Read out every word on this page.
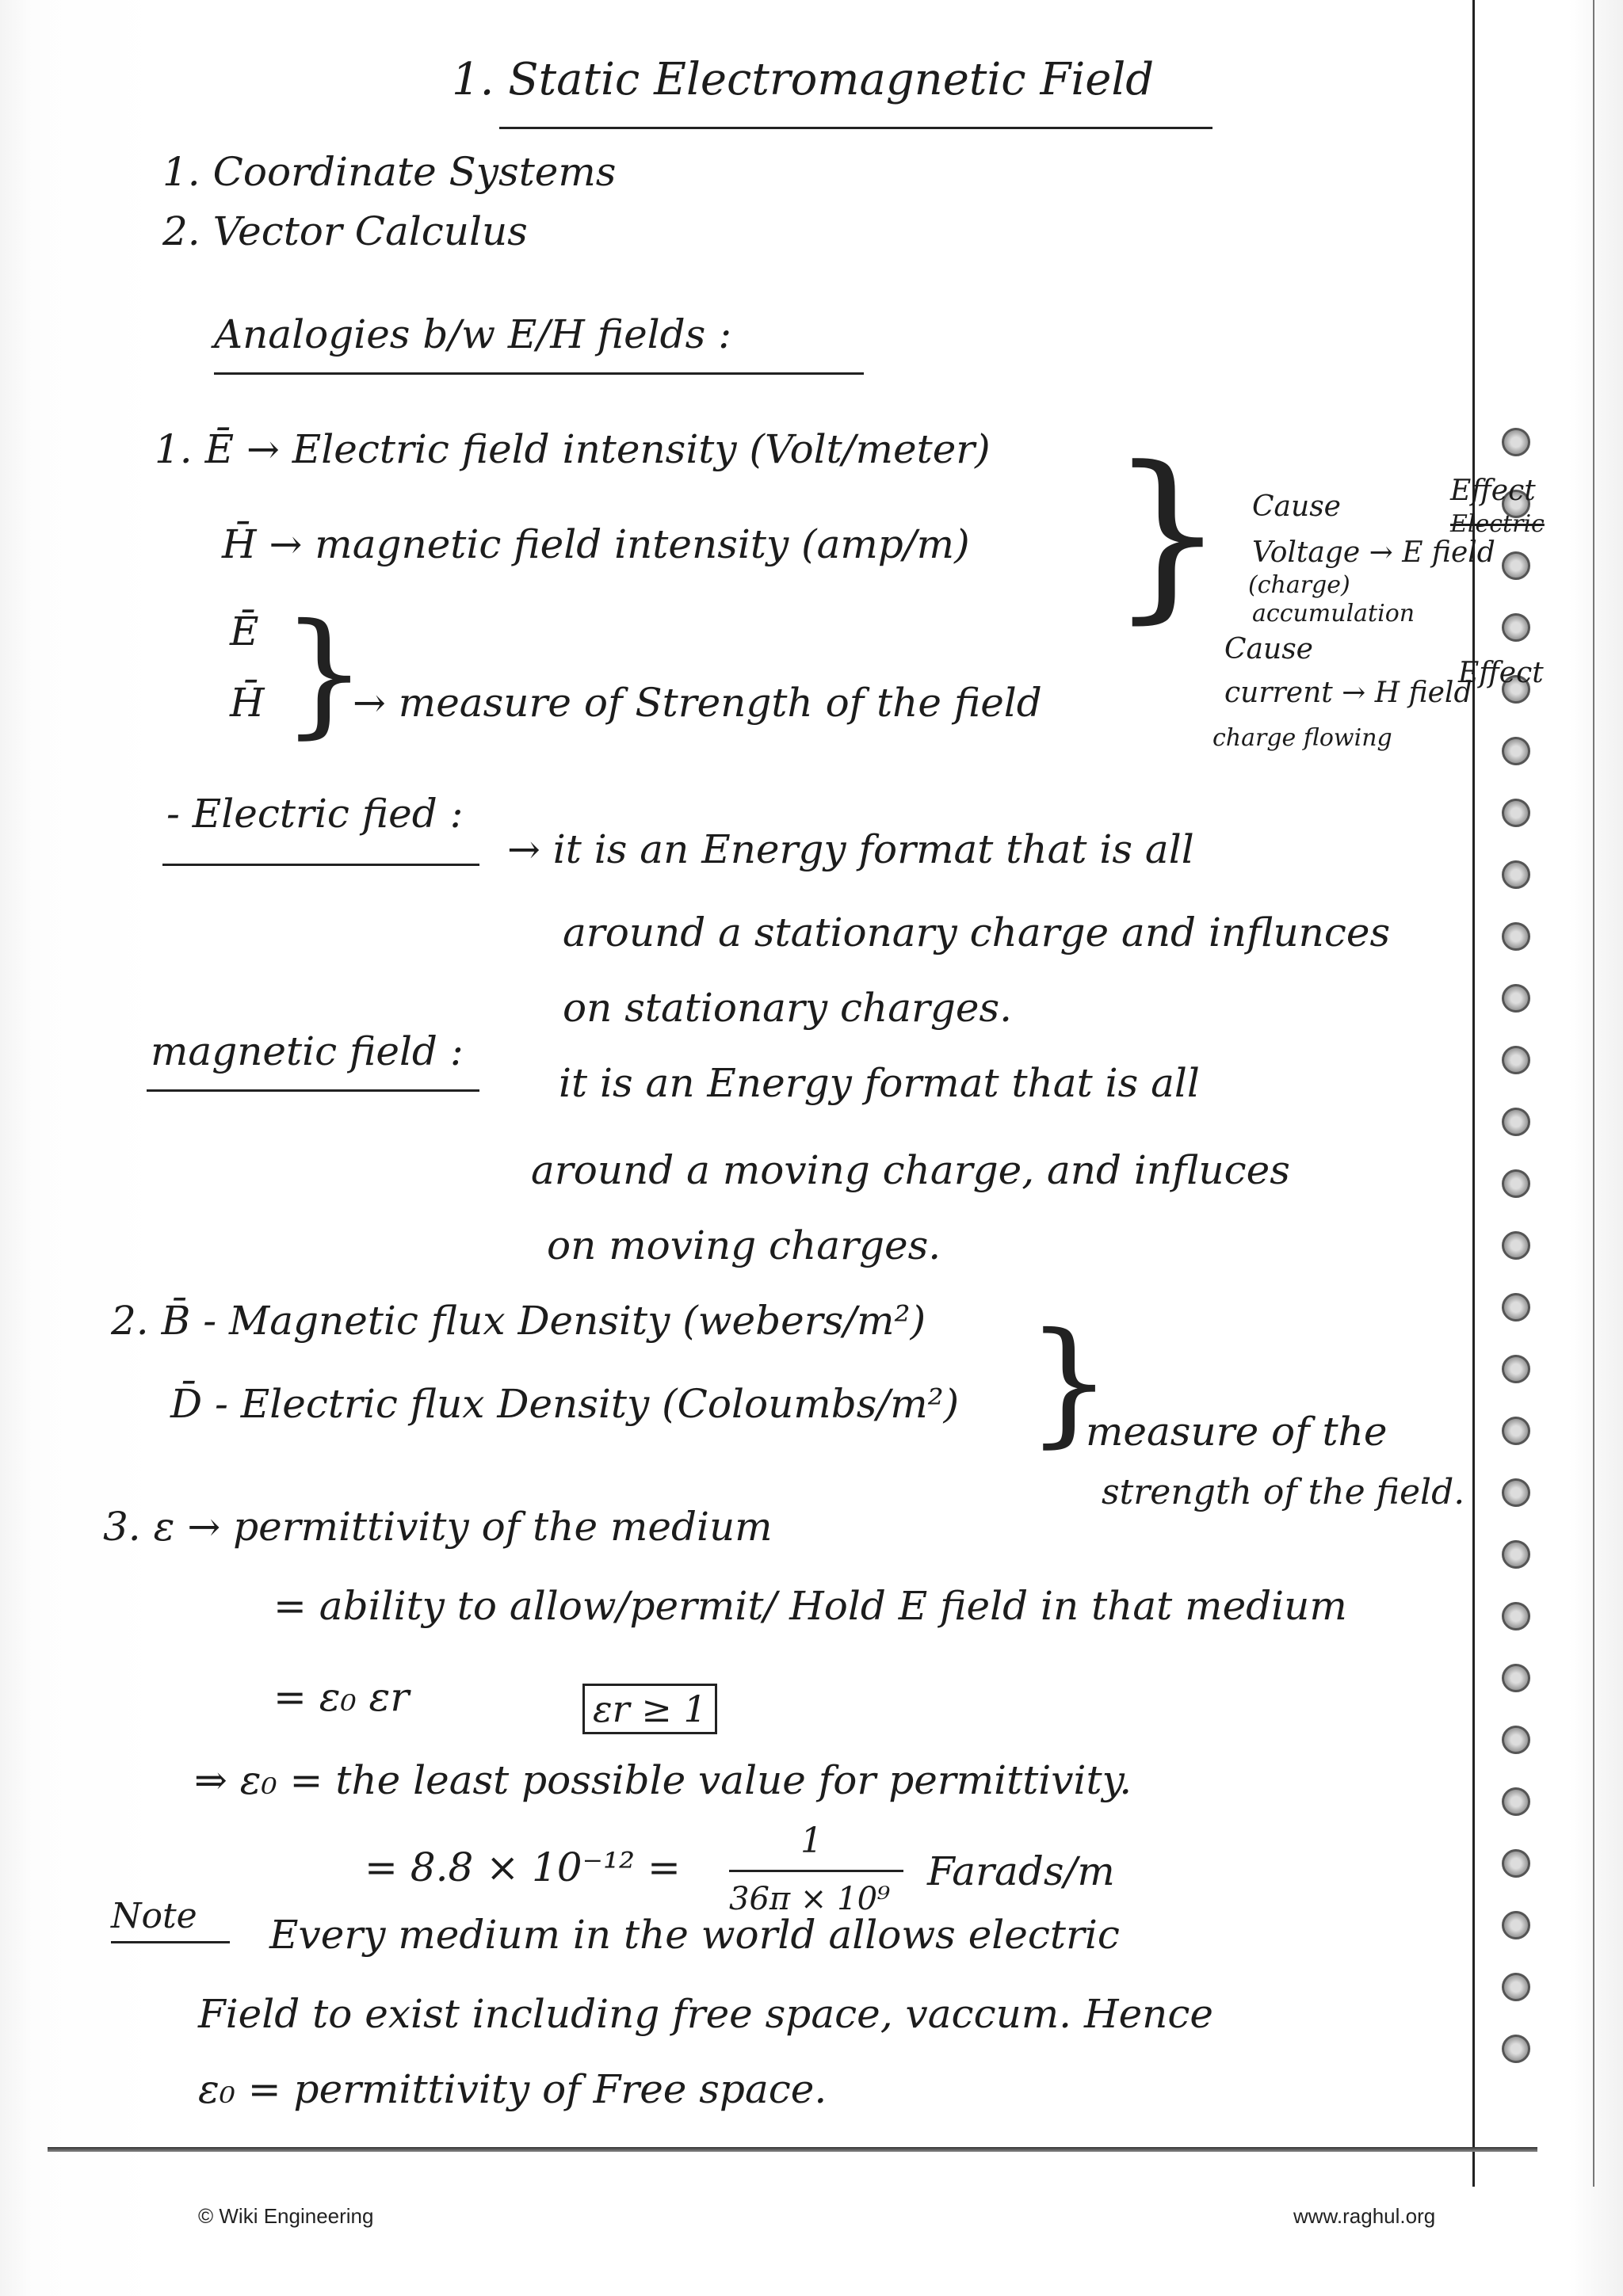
1. Static Electromagnetic Field
1. Coordinate Systems
2. Vector Calculus
Analogies b/w E/H fields :
1. Ē → Electric field intensity (Volt/meter)
H̄ → magnetic field intensity (amp/m) }	Effect
Electric
Cause
Voltage → E field
(charge)
accumulation
Cause
Effect
current → H field
charge flowing
Ē
H̄ }
→ measure of Strength of the field
- Electric fied :
→ it is an Energy format that is all
around a stationary charge and influnces
on stationary charges.
magnetic field :
it is an Energy format that is all
around a moving charge, and influces
on moving charges.
2. B̄ - Magnetic flux Density (webers/m²)
D̄ - Electric flux Density (Coloumbs/m²) }
measure of the
strength of the field.
3. ε → permittivity of the medium
= ability to allow/permit/ Hold E field in that medium
= ε₀ εr	εr ≥ 1
⇒ ε₀ = the least possible value for permittivity.
= 8.8 × 10⁻¹² =
1
36π × 10⁹
Farads/m
Note Every medium in the world allows electric
Field to exist including free space, vaccum. Hence
ε₀ = permittivity of Free space.
© Wiki Engineering	www.raghul.org
